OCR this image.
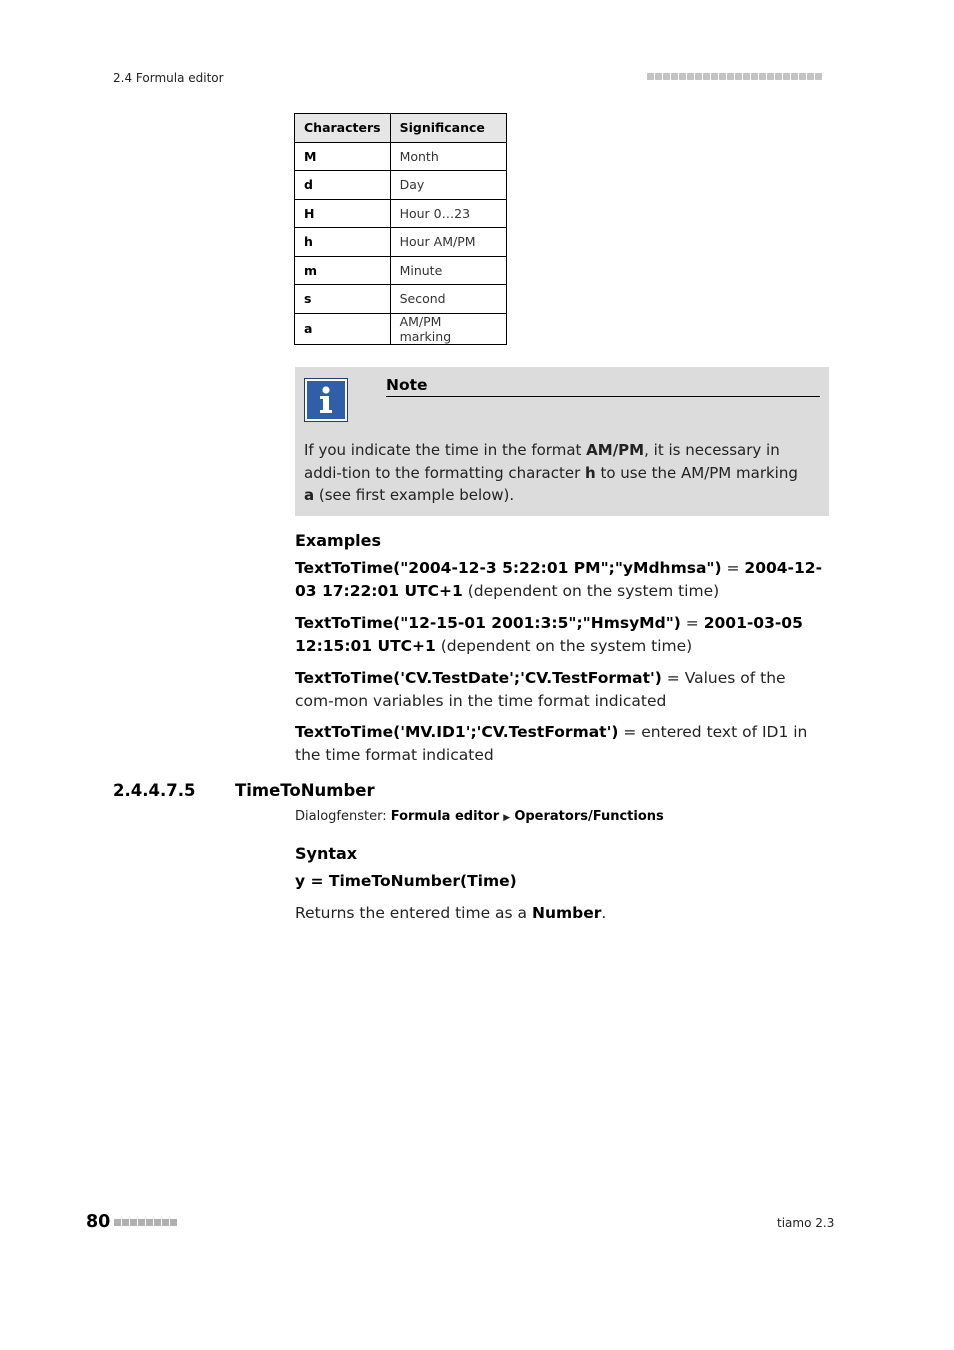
2.4 Formula editor
Characters	Significance
M	Month
d	Day
H	Hour 0…23
h	Hour AM/PM
m	Minute
s	Second
a	AM/PM marking
Note
If you indicate the time in the format AM/PM, it is necessary in addi-tion to the formatting character h to use the AM/PM marking a (see first example below).
Examples
TextToTime("2004-12-3 5:22:01 PM";"yMdhmsa") = 2004-12-03 17:22:01 UTC+1 (dependent on the system time)
TextToTime("12-15-01 2001:3:5";"HmsyMd") = 2001-03-05 12:15:01 UTC+1 (dependent on the system time)
TextToTime('CV.TestDate';'CV.TestFormat') = Values of the com-mon variables in the time format indicated
TextToTime('MV.ID1';'CV.TestFormat') = entered text of ID1 in the time format indicated
2.4.4.7.5 TimeToNumber
Dialogfenster: Formula editor ▶ Operators/Functions
Syntax
y = TimeToNumber(Time)
Returns the entered time as a Number.
80	tiamo 2.3
